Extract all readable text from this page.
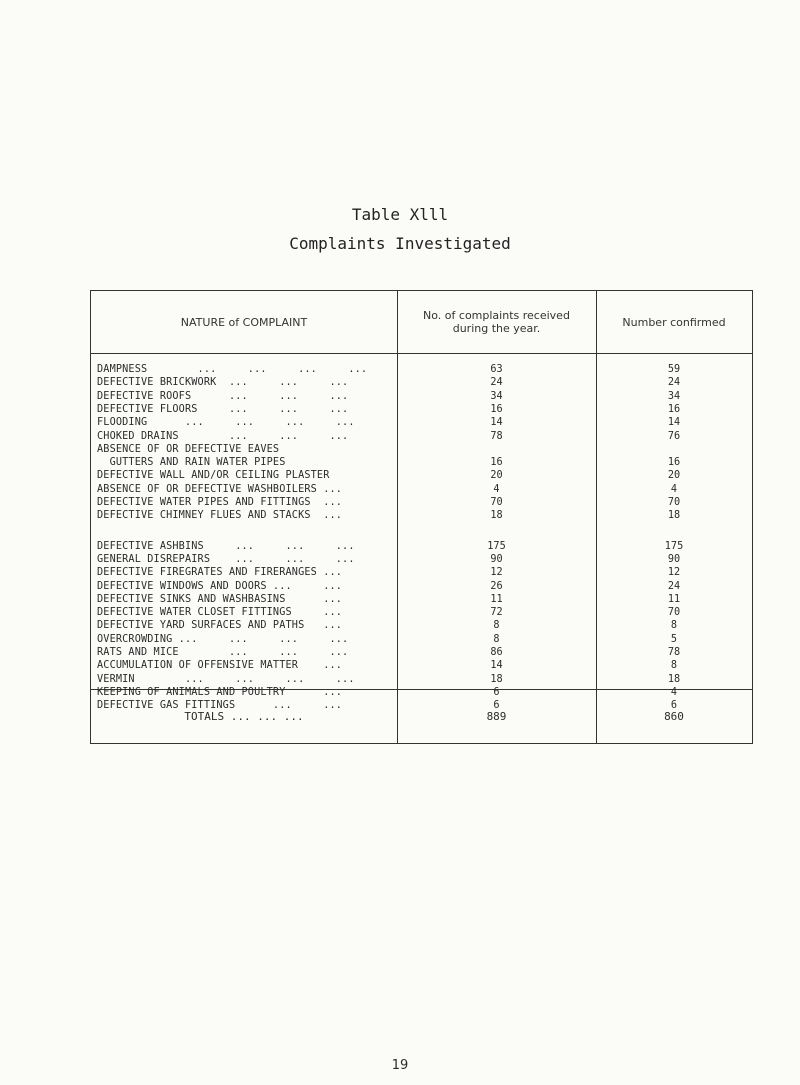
Table Xlll
Complaints Investigated
NATURE of COMPLAINT	No. of complaints received during the year.	Number confirmed
DAMPNESS        ...     ...     ...     ...	63	59
DEFECTIVE BRICKWORK  ...     ...     ...	24	24
DEFECTIVE ROOFS      ...     ...     ...	34	34
DEFECTIVE FLOORS     ...     ...     ...	16	16
FLOODING      ...     ...     ...     ...	14	14
CHOKED DRAINS        ...     ...     ...	78	76
ABSENCE OF OR DEFECTIVE EAVES
GUTTERS AND RAIN WATER PIPES	16	16
DEFECTIVE WALL AND/OR CEILING PLASTER	20	20
ABSENCE OF OR DEFECTIVE WASHBOILERS ...	4	4
DEFECTIVE WATER PIPES AND FITTINGS  ...	70	70
DEFECTIVE CHIMNEY FLUES AND STACKS  ...	18	18
DEFECTIVE ASHBINS     ...     ...     ...	175	175
GENERAL DISREPAIRS    ...     ...     ...	90	90
DEFECTIVE FIREGRATES AND FIRERANGES ...	12	12
DEFECTIVE WINDOWS AND DOORS ...     ...	26	24
DEFECTIVE SINKS AND WASHBASINS      ...	11	11
DEFECTIVE WATER CLOSET FITTINGS     ...	72	70
DEFECTIVE YARD SURFACES AND PATHS   ...	8	8
OVERCROWDING ...     ...     ...     ...	8	5
RATS AND MICE        ...     ...     ...	86	78
ACCUMULATION OF OFFENSIVE MATTER    ...	14	8
VERMIN        ...     ...     ...     ...	18	18
KEEPING OF ANIMALS AND POULTRY      ...	6	4
DEFECTIVE GAS FITTINGS      ...     ...	6	6
TOTALS ... ... ...	889	860
19
